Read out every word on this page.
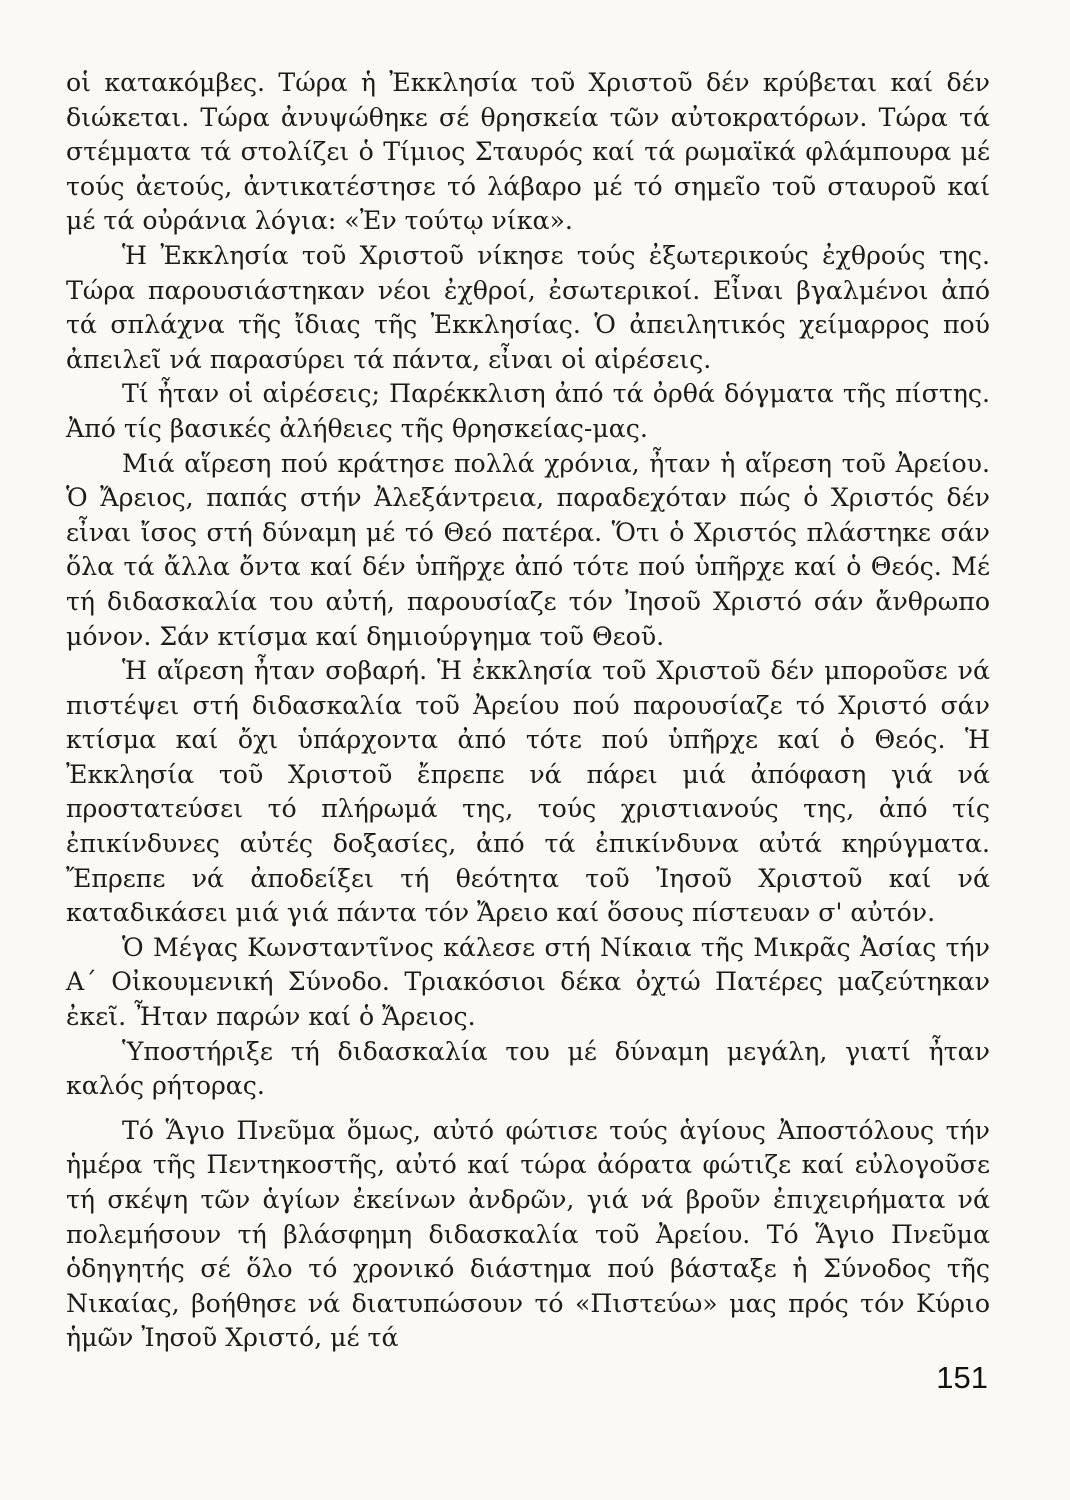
οἱ κατακόμβες. Τώρα ἡ Ἐκκλησία τοῦ Χριστοῦ δέν κρύβεται καί δέν διώκεται. Τώρα ἀνυψώθηκε σέ θρησκεία τῶν αὐτοκρατόρων. Τώρα τά στέμματα τά στολίζει ὁ Τίμιος Σταυρός καί τά ρωμαϊκά φλάμπουρα μέ τούς ἀετούς, ἀντικατέστησε τό λάβαρο μέ τό σημεῖο τοῦ σταυροῦ καί μέ τά οὐράνια λόγια: «Ἐν τούτῳ νίκα».

Ἡ Ἐκκλησία τοῦ Χριστοῦ νίκησε τούς ἐξωτερικούς ἐχθρούς της. Τώρα παρουσιάστηκαν νέοι ἐχθροί, ἐσωτερικοί. Εἶναι βγαλμένοι ἀπό τά σπλάχνα τῆς ἴδιας τῆς Ἐκκλησίας. Ὁ ἀπειλητικός χείμαρρος πού ἀπειλεῖ νά παρασύρει τά πάντα, εἶναι οἱ αἱρέσεις.

Τί ἦταν οἱ αἱρέσεις; Παρέκκλιση ἀπό τά ὀρθά δόγματα τῆς πίστης. Ἀπό τίς βασικές ἀλήθειες τῆς θρησκείας-μας.

Μιά αἵρεση πού κράτησε πολλά χρόνια, ἦταν ἡ αἵρεση τοῦ Ἀρείου. Ὁ Ἄρειος, παπάς στήν Ἀλεξάντρεια, παραδεχόταν πώς ὁ Χριστός δέν εἶναι ἴσος στή δύναμη μέ τό Θεό πατέρα. Ὅτι ὁ Χριστός πλάστηκε σάν ὅλα τά ἄλλα ὄντα καί δέν ὑπῆρχε ἀπό τότε πού ὑπῆρχε καί ὁ Θεός. Μέ τή διδασκαλία του αὐτή, παρουσίαζε τόν Ἰησοῦ Χριστό σάν ἄνθρωπο μόνον. Σάν κτίσμα καί δημιούργημα τοῦ Θεοῦ.

Ἡ αἵρεση ἦταν σοβαρή. Ἡ ἐκκλησία τοῦ Χριστοῦ δέν μποροῦσε νά πιστέψει στή διδασκαλία τοῦ Ἀρείου πού παρουσίαζε τό Χριστό σάν κτίσμα καί ὄχι ὑπάρχοντα ἀπό τότε πού ὑπῆρχε καί ὁ Θεός. Ἡ Ἐκκλησία τοῦ Χριστοῦ ἔπρεπε νά πάρει μιά ἀπόφαση γιά νά προστατεύσει τό πλήρωμά της, τούς χριστιανούς της, ἀπό τίς ἐπικίνδυνες αὐτές δοξασίες, ἀπό τά ἐπικίνδυνα αὐτά κηρύγματα. Ἔπρεπε νά ἀποδείξει τή θεότητα τοῦ Ἰησοῦ Χριστοῦ καί νά καταδικάσει μιά γιά πάντα τόν Ἄρειο καί ὅσους πίστευαν σ' αὐτόν.

Ὁ Μέγας Κωνσταντῖνος κάλεσε στή Νίκαια τῆς Μικρᾶς Ἀσίας τήν Α΄ Οἰκουμενική Σύνοδο. Τριακόσιοι δέκα ὀχτώ Πατέρες μαζεύτηκαν ἐκεῖ. Ἦταν παρών καί ὁ Ἄρειος.

Ὑποστήριξε τή διδασκαλία του μέ δύναμη μεγάλη, γιατί ἦταν καλός ρήτορας.

Τό Ἅγιο Πνεῦμα ὅμως, αὐτό φώτισε τούς ἁγίους Ἀποστόλους τήν ἡμέρα τῆς Πεντηκοστῆς, αὐτό καί τώρα ἀόρατα φώτιζε καί εὐλογοῦσε τή σκέψη τῶν ἁγίων ἐκείνων ἀνδρῶν, γιά νά βροῦν ἐπιχειρήματα νά πολεμήσουν τή βλάσφημη διδασκαλία τοῦ Ἀρείου. Τό Ἅγιο Πνεῦμα ὁδηγητής σέ ὅλο τό χρονικό διάστημα πού βάσταξε ἡ Σύνοδος τῆς Νικαίας, βοήθησε νά διατυπώσουν τό «Πιστεύω» μας πρός τόν Κύριο ἡμῶν Ἰησοῦ Χριστό, μέ τά

151
